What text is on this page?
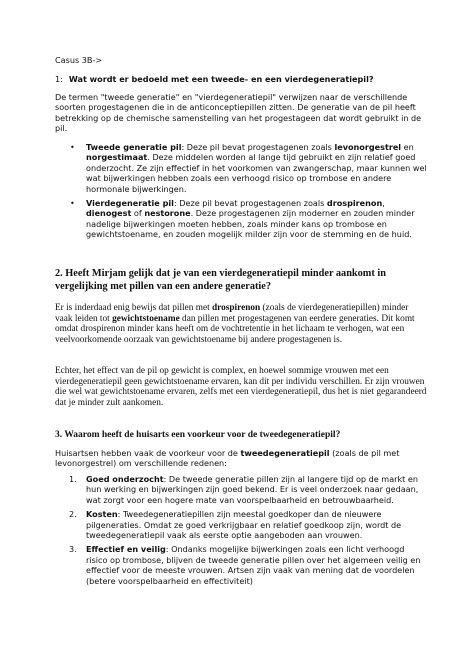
Casus 3B->
1: Wat wordt er bedoeld met een tweede- en een vierdegeneratiepil?
De termen "tweede generatie" en "vierdegeneratiepil" verwijzen naar de verschillende soorten progestagenen die in de anticonceptiepillen zitten. De generatie van de pil heeft betrekking op de chemische samenstelling van het progestageen dat wordt gebruikt in de pil.
• Tweede generatie pil: Deze pil bevat progestagenen zoals levonorgestrel en norgestimaat. Deze middelen worden al lange tijd gebruikt en zijn relatief goed onderzocht. Ze zijn effectief in het voorkomen van zwangerschap, maar kunnen wel wat bijwerkingen hebben zoals een verhoogd risico op trombose en andere hormonale bijwerkingen.
• Vierdegeneratie pil: Deze pil bevat progestagenen zoals drospirenon, dienogest of nestorone. Deze progestagenen zijn moderner en zouden minder nadelige bijwerkingen moeten hebben, zoals minder kans op trombose en gewichtstoename, en zouden mogelijk milder zijn voor de stemming en de huid.
2. Heeft Mirjam gelijk dat je van een vierdegeneratiepil minder aankomt in vergelijking met pillen van een andere generatie?
Er is inderdaad enig bewijs dat pillen met drospirenon (zoals de vierdegeneratiepillen) minder vaak leiden tot gewichtstoename dan pillen met progestagenen van eerdere generaties. Dit komt omdat drospirenon minder kans heeft om de vochtretentie in het lichaam te verhogen, wat een veelvoorkomende oorzaak van gewichtstoename bij andere progestagenen is.
Echter, het effect van de pil op gewicht is complex, en hoewel sommige vrouwen met een vierdegeneratiepil geen gewichtstoename ervaren, kan dit per individu verschillen. Er zijn vrouwen die wel wat gewichtstoename ervaren, zelfs met een vierdegeneratiepil, dus het is niet gegarandeerd dat je minder zult aankomen.
3. Waarom heeft de huisarts een voorkeur voor de tweedegeneratiepil?
Huisartsen hebben vaak de voorkeur voor de tweedegeneratiepil (zoals de pil met levonorgestrel) om verschillende redenen:
1. Goed onderzocht: De tweede generatie pillen zijn al langere tijd op de markt en hun werking en bijwerkingen zijn goed bekend. Er is veel onderzoek naar gedaan, wat zorgt voor een hogere mate van voorspelbaarheid en betrouwbaarheid.
2. Kosten: Tweedegeneratiepillen zijn meestal goedkoper dan de nieuwere pilgeneraties. Omdat ze goed verkrijgbaar en relatief goedkoop zijn, wordt de tweedegeneratiepil vaak als eerste optie aangeboden aan vrouwen.
3. Effectief en veilig: Ondanks mogelijke bijwerkingen zoals een licht verhoogd risico op trombose, blijven de tweede generatie pillen over het algemeen veilig en effectief voor de meeste vrouwen. Artsen zijn vaak van mening dat de voordelen (betere voorspelbaarheid en effectiviteit)
